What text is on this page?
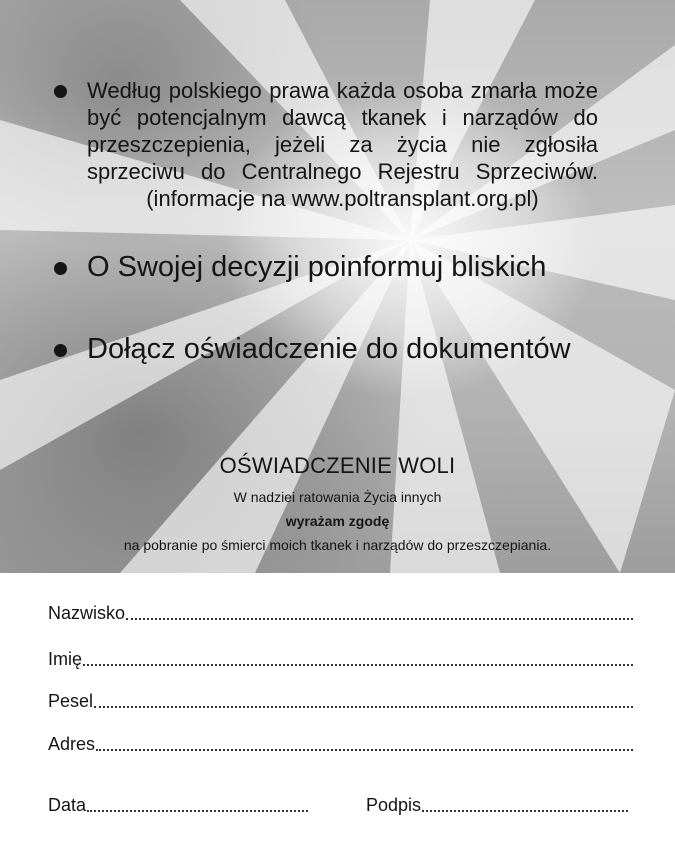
Według polskiego prawa każda osoba zmarła może być potencjalnym dawcą tkanek i narządów do przeszczepienia, jeżeli za życia nie zgłosiła sprzeciwu do Centralnego Rejestru Sprzeciwów.
(informacje na www.poltransplant.org.pl)
O Swojej decyzji poinformuj bliskich
Dołącz oświadczenie do dokumentów
OŚWIADCZENIE WOLI
W nadziei ratowania Życia innych
wyrażam zgodę
na pobranie po śmierci moich tkanek i narządów do przeszczepiania.
Nazwisko
Imię
Pesel
Adres
Data	Podpis
